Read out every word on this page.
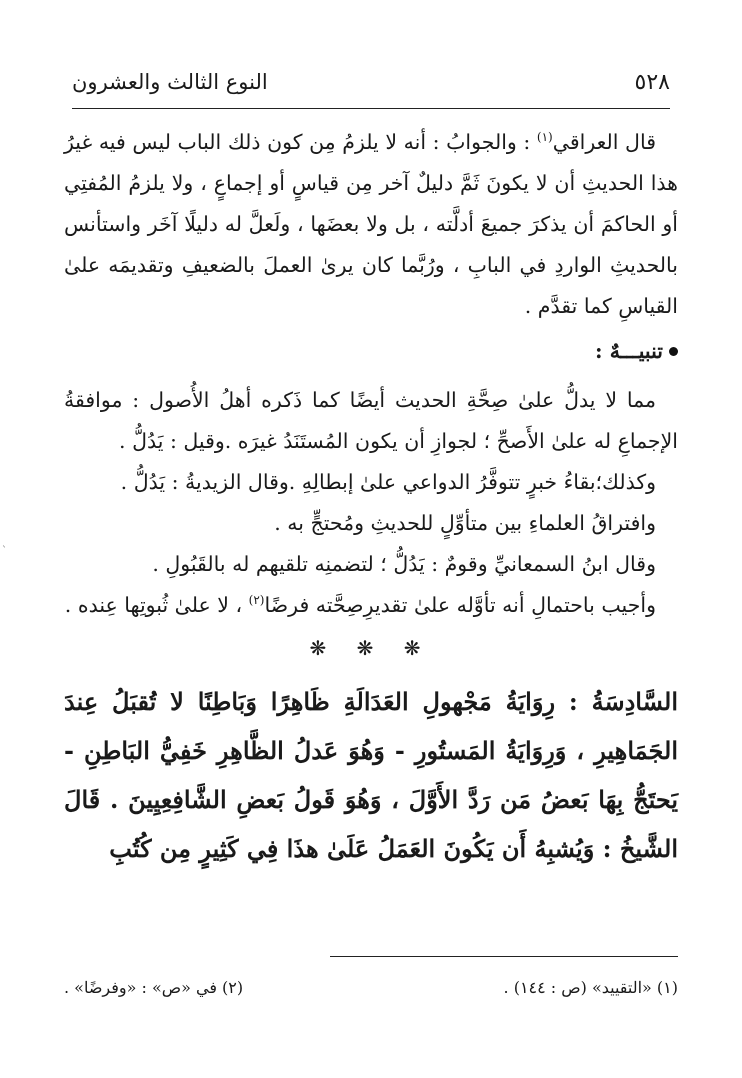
٥٢٨
النوع الثالث والعشرون

قال العراقي$^{(١)}$ : والجوابُ : أنه لا يلزمُ مِن كون ذلك الباب ليس فيه غيرُ هذا الحديثِ أن لا يكونَ ثَمَّ دليلٌ آخر مِن قياسٍ أو إجماعٍ ، ولا يلزمُ المُفتِي أو الحاكمَ أن يذكرَ جميعَ أدلَّته ، بل ولا بعضَها ، ولَعلَّ له دليلًا آخَر واستأنس بالحديثِ الواردِ في البابِ ، ورُبَّما كان يرىٰ العملَ بالضعيفِ وتقديمَه علىٰ القياسِ كما تقدَّم .

تنبيـــهٌ :

مما لا يدلُّ علىٰ صِحَّةِ الحديث أيضًا كما ذَكره أهلُ الأُصول : موافقةُ الإجماعِ له علىٰ الأَصحِّ ؛ لجوازِ أن يكون المُستَنَدُ غيرَه .وقيل : يَدُلُّ .

وكذلك؛بقاءُ خبرٍ تتوفَّرُ الدواعي علىٰ إبطالِهِ .وقال الزيديةُ : يَدُلُّ .

وافتراقُ العلماءِ بين متأوِّلٍ للحديثِ ومُحتجٍّ به .

وقال ابنُ السمعانيِّ وقومٌ : يَدُلُّ ؛ لتضمنِه تلقيهم له بالقَبُولِ .

وأجيب باحتمالِ أنه تأوَّله علىٰ تقديرِصِحَّته فرضًا$^{(٢)}$ ، لا علىٰ ثُبوتِها عِنده .

❋ ❋ ❋

السَّادِسَةُ : رِوَايَةُ مَجْهولِ العَدَالَةِ ظَاهِرًا وَبَاطِنًا لا تُقبَلُ عِندَ الجَمَاهِيرِ ، وَرِوَايَةُ المَستُورِ - وَهُوَ عَدلُ الظَّاهِرِ خَفِيُّ البَاطِنِ - يَحتَجُّ بِهَا بَعضُ مَن رَدَّ الأَوَّلَ ، وَهُوَ قَولُ بَعضِ الشَّافِعِيِينَ . قَالَ الشَّيخُ : وَيُشبِهُ أَن يَكُونَ العَمَلُ عَلَىٰ هذَا فِي كَثِيرٍ مِن كُتُبِ

(١) «التقييد» (ص : ١٤٤) .
(٢) في «ص» : «وفرضًا» .
`
